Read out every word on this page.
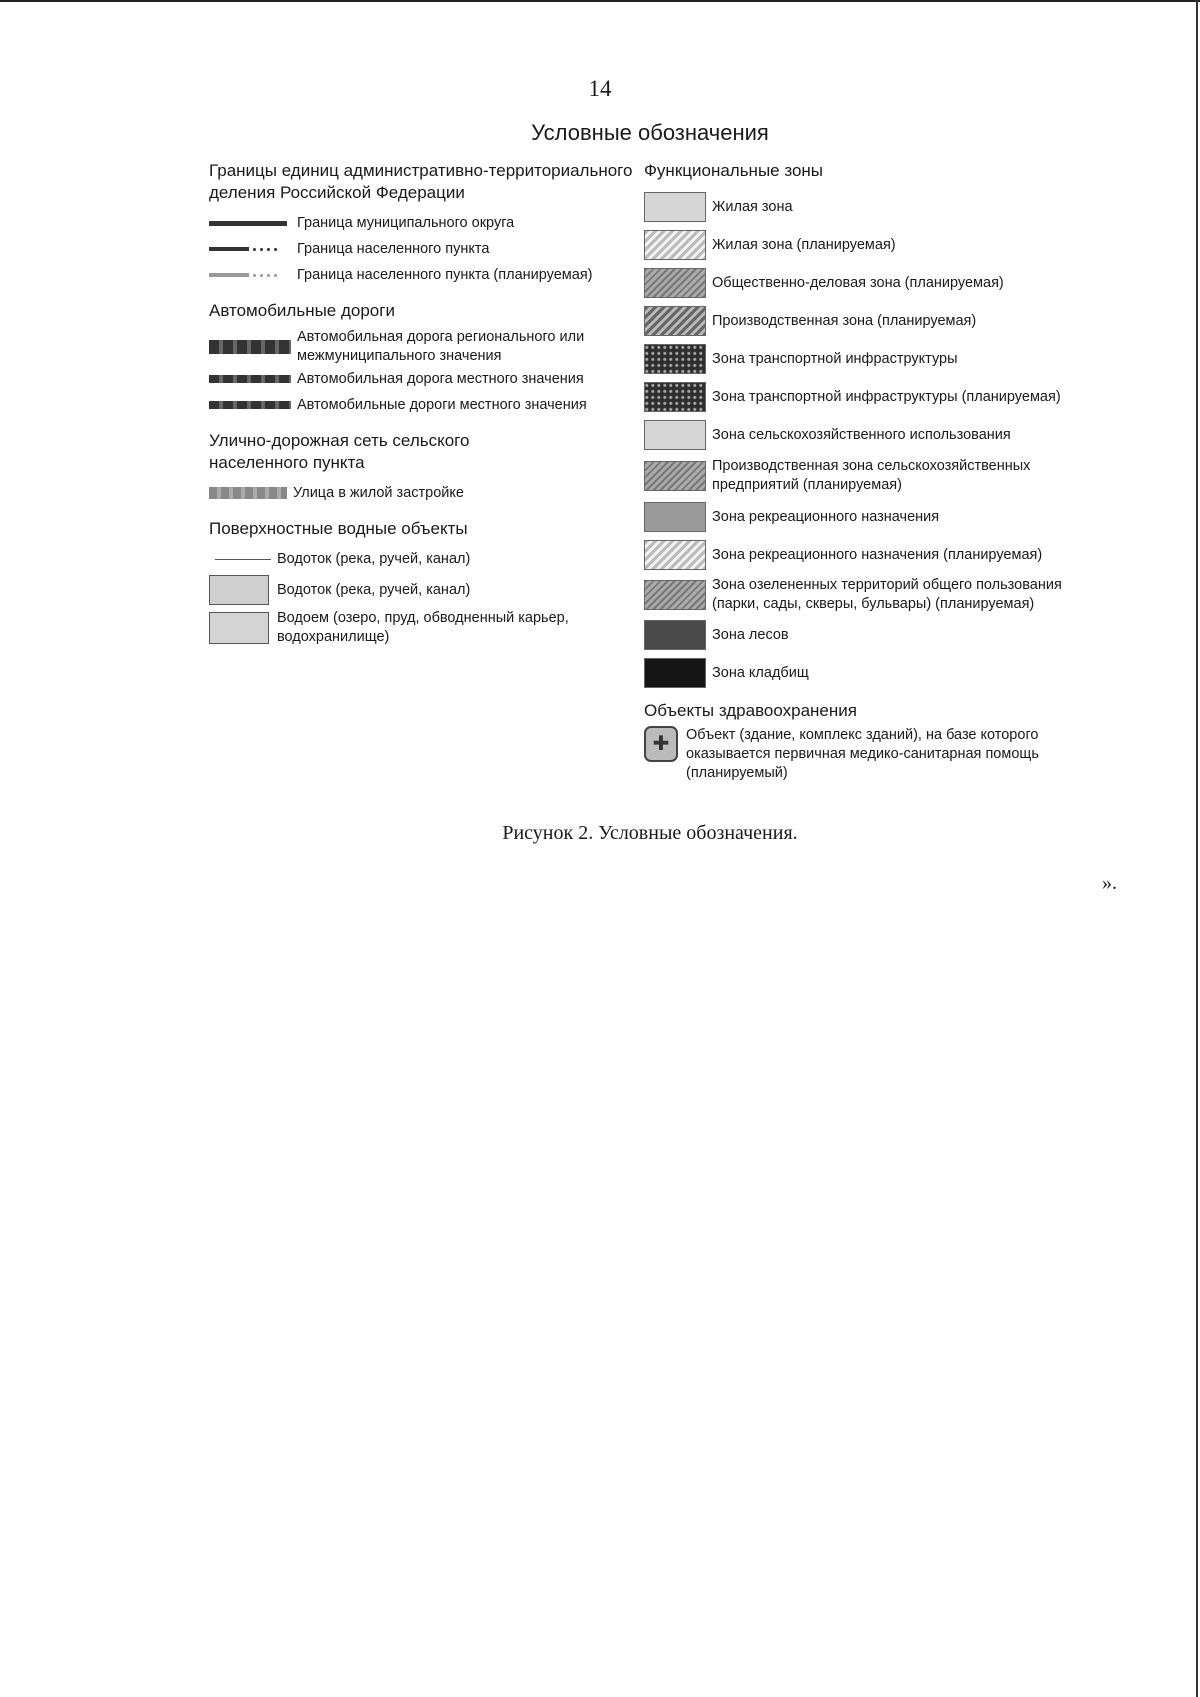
14
Условные обозначения
Границы единиц административно-территориального деления Российской Федерации
Граница муниципального округа
Граница населенного пункта
Граница населенного пункта (планируемая)
Автомобильные дороги
Автомобильная дорога регионального или межмуниципального значения
Автомобильная дорога местного значения
Автомобильные дороги местного значения
Улично-дорожная сеть сельского населенного пункта
Улица в жилой застройке
Поверхностные водные объекты
Водоток (река, ручей, канал)
Водоток (река, ручей, канал)
Водоем (озеро, пруд, обводненный карьер, водохранилище)
Функциональные зоны
Жилая зона
Жилая зона (планируемая)
Общественно-деловая зона (планируемая)
Производственная зона (планируемая)
Зона транспортной инфраструктуры
Зона транспортной инфраструктуры (планируемая)
Зона сельскохозяйственного использования
Производственная зона сельскохозяйственных предприятий (планируемая)
Зона рекреационного назначения
Зона рекреационного назначения (планируемая)
Зона озелененных территорий общего пользования (парки, сады, скверы, бульвары) (планируемая)
Зона лесов
Зона кладбищ
Объекты здравоохранения
✚	Объект (здание, комплекс зданий), на базе которого оказывается первичная медико-санитарная помощь (планируемый)
Рисунок 2. Условные обозначения.
».
